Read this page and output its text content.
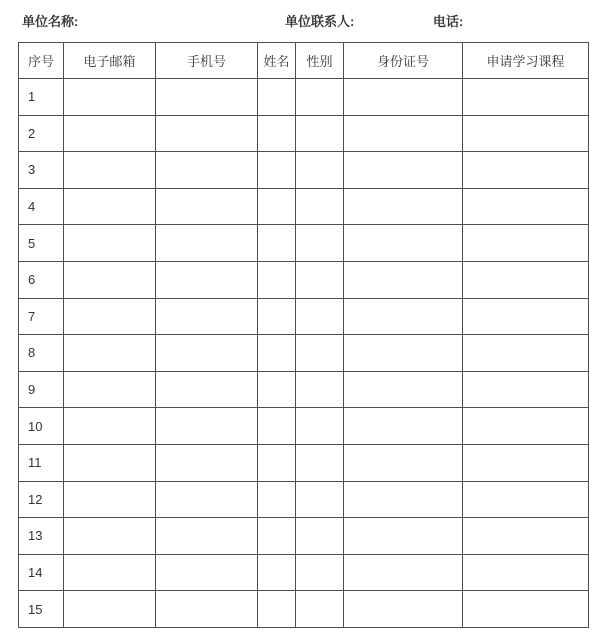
单位名称:	单位联系人:	电话:
序号	电子邮箱	手机号	姓名	性别	身份证号	申请学习课程
1						
2						
3						
4						
5						
6						
7						
8						
9						
10						
11						
12						
13						
14						
15						
